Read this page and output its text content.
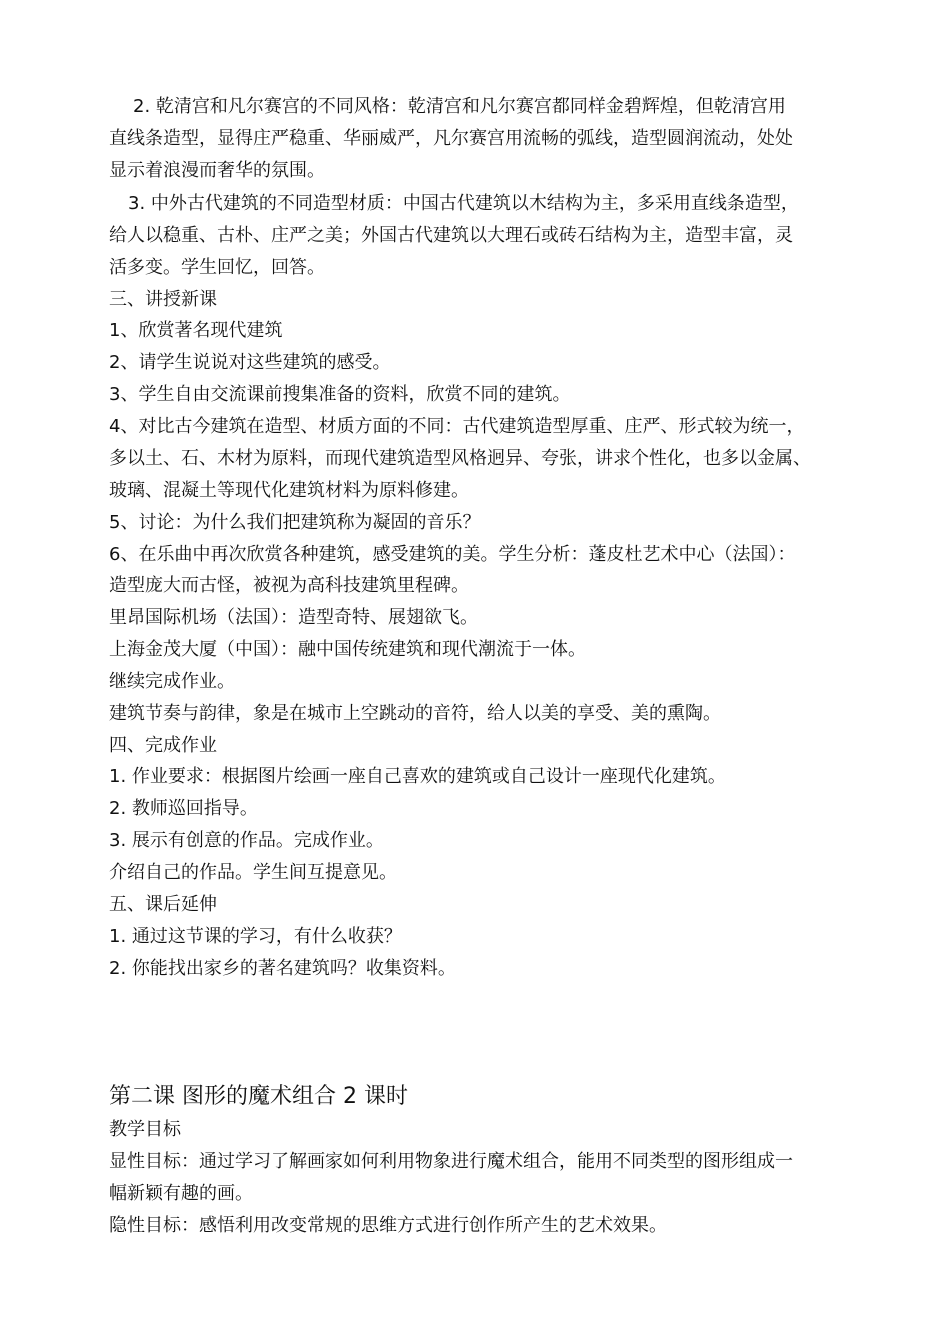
2. 乾清宫和凡尔赛宫的不同风格：乾清宫和凡尔赛宫都同样金碧辉煌，但乾清宫用
直线条造型，显得庄严稳重、华丽威严，凡尔赛宫用流畅的弧线，造型圆润流动，处处
显示着浪漫而奢华的氛围。
3. 中外古代建筑的不同造型材质：中国古代建筑以木结构为主，多采用直线条造型，
给人以稳重、古朴、庄严之美；外国古代建筑以大理石或砖石结构为主，造型丰富，灵
活多变。学生回忆，回答。
三、讲授新课
1、欣赏著名现代建筑
2、请学生说说对这些建筑的感受。
3、学生自由交流课前搜集准备的资料，欣赏不同的建筑。
4、对比古今建筑在造型、材质方面的不同：古代建筑造型厚重、庄严、形式较为统一，
多以土、石、木材为原料，而现代建筑造型风格迥异、夸张，讲求个性化，也多以金属、
玻璃、混凝土等现代化建筑材料为原料修建。
5、讨论：为什么我们把建筑称为凝固的音乐？
6、在乐曲中再次欣赏各种建筑，感受建筑的美。学生分析：蓬皮杜艺术中心（法国）：
造型庞大而古怪，被视为高科技建筑里程碑。
里昂国际机场（法国）：造型奇特、展翅欲飞。
上海金茂大厦（中国）：融中国传统建筑和现代潮流于一体。
继续完成作业。
建筑节奏与韵律，象是在城市上空跳动的音符，给人以美的享受、美的熏陶。
四、完成作业
1. 作业要求：根据图片绘画一座自己喜欢的建筑或自己设计一座现代化建筑。
2. 教师巡回指导。
3. 展示有创意的作品。完成作业。
介绍自己的作品。学生间互提意见。
五、课后延伸
1. 通过这节课的学习，有什么收获？
2. 你能找出家乡的著名建筑吗？收集资料。
第二课 图形的魔术组合 2 课时
教学目标
显性目标：通过学习了解画家如何利用物象进行魔术组合，能用不同类型的图形组成一
幅新颖有趣的画。
隐性目标：感悟利用改变常规的思维方式进行创作所产生的艺术效果。
